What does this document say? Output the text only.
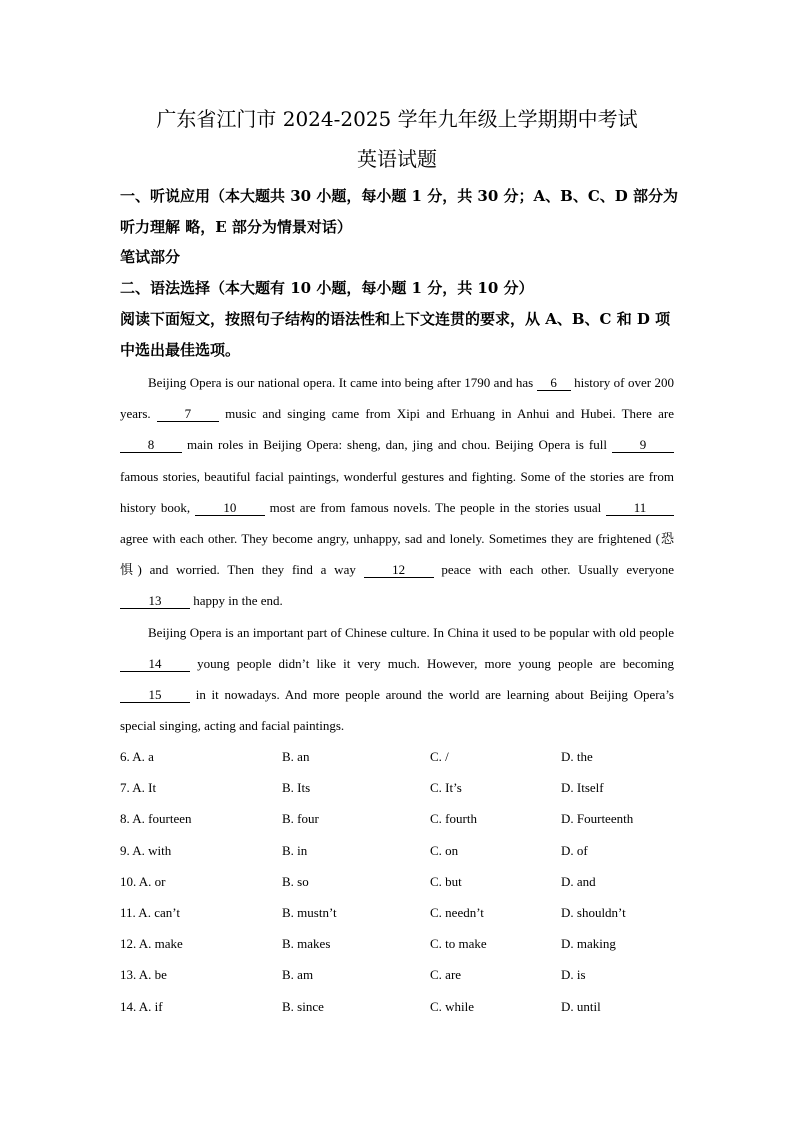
广东省江门市 2024-2025 学年九年级上学期期中考试
英语试题
一、听说应用（本大题共 30 小题，每小题 1 分，共 30 分；A、B、C、D 部分为听力理解 略，E 部分为情景对话）
笔试部分
二、语法选择（本大题有 10 小题，每小题 1 分，共 10 分）
阅读下面短文，按照句子结构的语法性和上下文连贯的要求，从 A、B、C 和 D 项中选出最佳选项。

Beijing Opera is our national opera. It came into being after 1790 and has 6 history of over 200 years. 7 music and singing came from Xipi and Erhuang in Anhui and Hubei. There are 8 main roles in Beijing Opera: sheng, dan, jing and chou. Beijing Opera is full 9 famous stories, beautiful facial paintings, wonderful gestures and fighting. Some of the stories are from history book, 10 most are from famous novels. The people in the stories usual 11 agree with each other. They become angry, unhappy, sad and lonely. Sometimes they are frightened (恐惧) and worried. Then they find a way 12 peace with each other. Usually everyone 13 happy in the end.

Beijing Opera is an important part of Chinese culture. In China it used to be popular with old people 14 young people didn’t like it very much. However, more young people are becoming 15 in it nowadays. And more people around the world are learning about Beijing Opera’s special singing, acting and facial paintings.

6. A. a	B. an	C. /	D. the
7. A. It	B. Its	C. It’s	D. Itself
8. A. fourteen	B. four	C. fourth	D. Fourteenth
9. A. with	B. in	C. on	D. of
10. A. or	B. so	C. but	D. and
11. A. can’t	B. mustn’t	C. needn’t	D. shouldn’t
12. A. make	B. makes	C. to make	D. making
13. A. be	B. am	C. are	D. is
14. A. if	B. since	C. while	D. until
